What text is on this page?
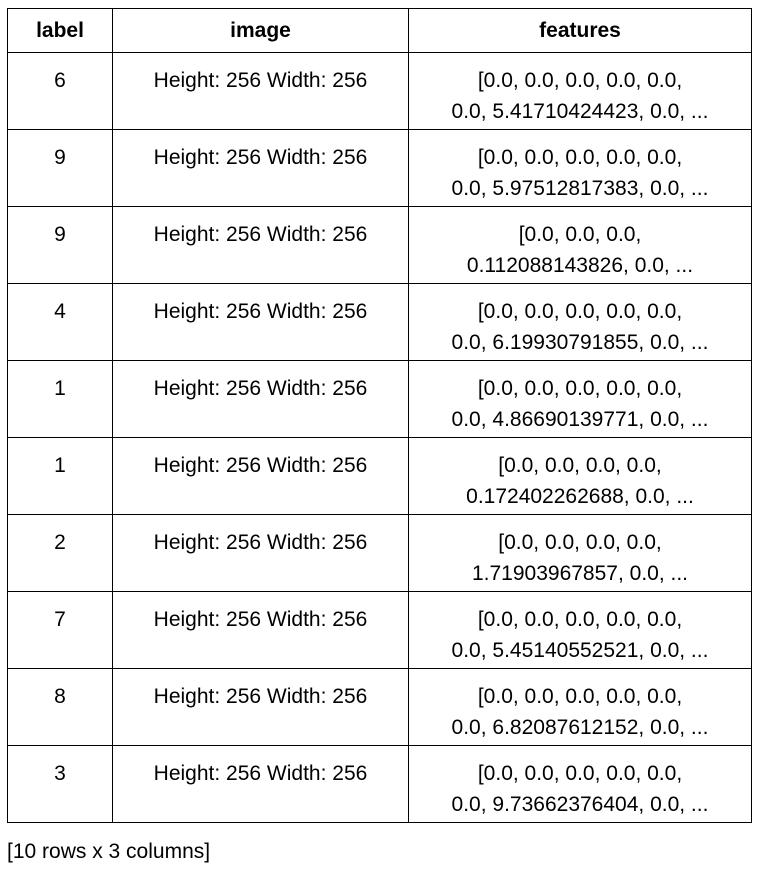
label	image	features

6	Height: 256 Width: 256	[0.0, 0.0, 0.0, 0.0, 0.0,
0.0, 5.41710424423, 0.0, ...

9	Height: 256 Width: 256	[0.0, 0.0, 0.0, 0.0, 0.0,
0.0, 5.97512817383, 0.0, ...

9	Height: 256 Width: 256	[0.0, 0.0, 0.0,
0.112088143826, 0.0, ...

4	Height: 256 Width: 256	[0.0, 0.0, 0.0, 0.0, 0.0,
0.0, 6.19930791855, 0.0, ...

1	Height: 256 Width: 256	[0.0, 0.0, 0.0, 0.0, 0.0,
0.0, 4.86690139771, 0.0, ...

1	Height: 256 Width: 256	[0.0, 0.0, 0.0, 0.0,
0.172402262688, 0.0, ...

2	Height: 256 Width: 256	[0.0, 0.0, 0.0, 0.0,
1.71903967857, 0.0, ...

7	Height: 256 Width: 256	[0.0, 0.0, 0.0, 0.0, 0.0,
0.0, 5.45140552521, 0.0, ...

8	Height: 256 Width: 256	[0.0, 0.0, 0.0, 0.0, 0.0,
0.0, 6.82087612152, 0.0, ...

3	Height: 256 Width: 256	[0.0, 0.0, 0.0, 0.0, 0.0,
0.0, 9.73662376404, 0.0, ...
[10 rows x 3 columns]
